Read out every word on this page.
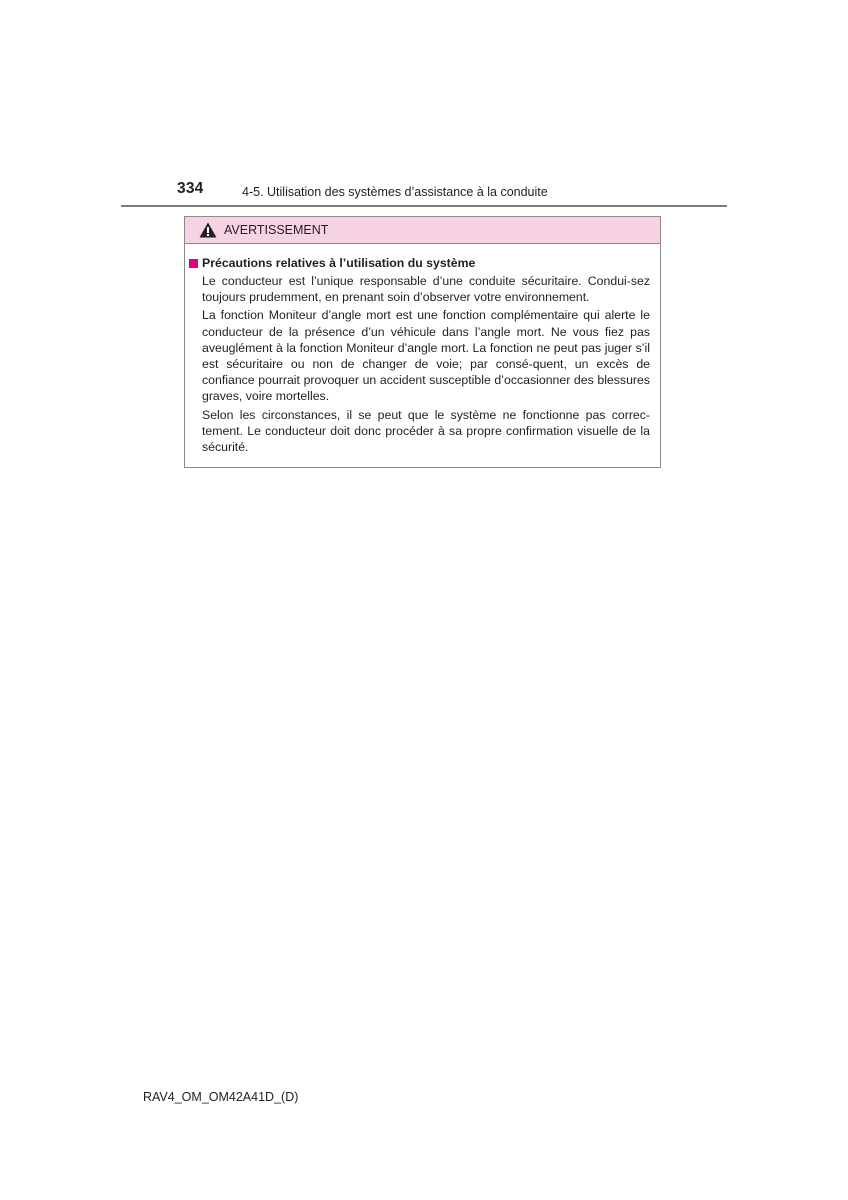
334	4-5. Utilisation des systèmes d’assistance à la conduite
AVERTISSEMENT
Précautions relatives à l’utilisation du système

Le conducteur est l’unique responsable d’une conduite sécuritaire. Condui-sez toujours prudemment, en prenant soin d’observer votre environnement.

La fonction Moniteur d’angle mort est une fonction complémentaire qui alerte le conducteur de la présence d’un véhicule dans l’angle mort. Ne vous fiez pas aveuglément à la fonction Moniteur d’angle mort. La fonction ne peut pas juger s’il est sécuritaire ou non de changer de voie; par consé-quent, un excès de confiance pourrait provoquer un accident susceptible d’occasionner des blessures graves, voire mortelles.

Selon les circonstances, il se peut que le système ne fonctionne pas correc-tement. Le conducteur doit donc procéder à sa propre confirmation visuelle de la sécurité.

RAV4_OM_OM42A41D_(D)
